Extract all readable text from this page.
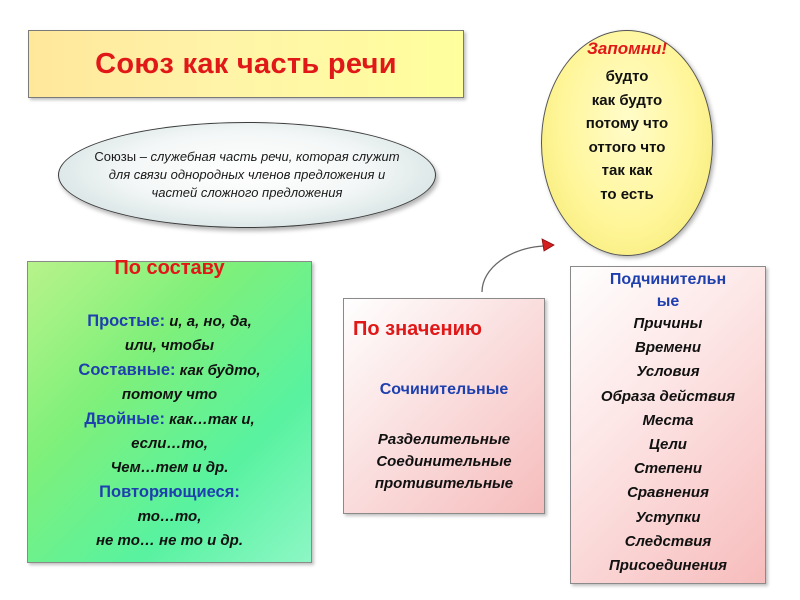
Союз как часть речи
Союзы – служебная часть речи, которая служит для связи однородных членов предложения и частей сложного предложения
Запомни!
будто
как будто
потому что
оттого что
так как
то есть
По составу
Простые: и, а, но, да,
или, чтобы
Составные: как будто,
потому что
Двойные: как…так и,
если…то,
Чем…тем и др.
Повторяющиеся:
то…то,
не то… не то и др.
По значению
Сочинительные
Разделительные
Соединительные
противительные
Подчинительн
ые
Причины
Времени
Условия
Образа действия
Места
Цели
Степени
Сравнения
Уступки
Следствия
Присоединения
